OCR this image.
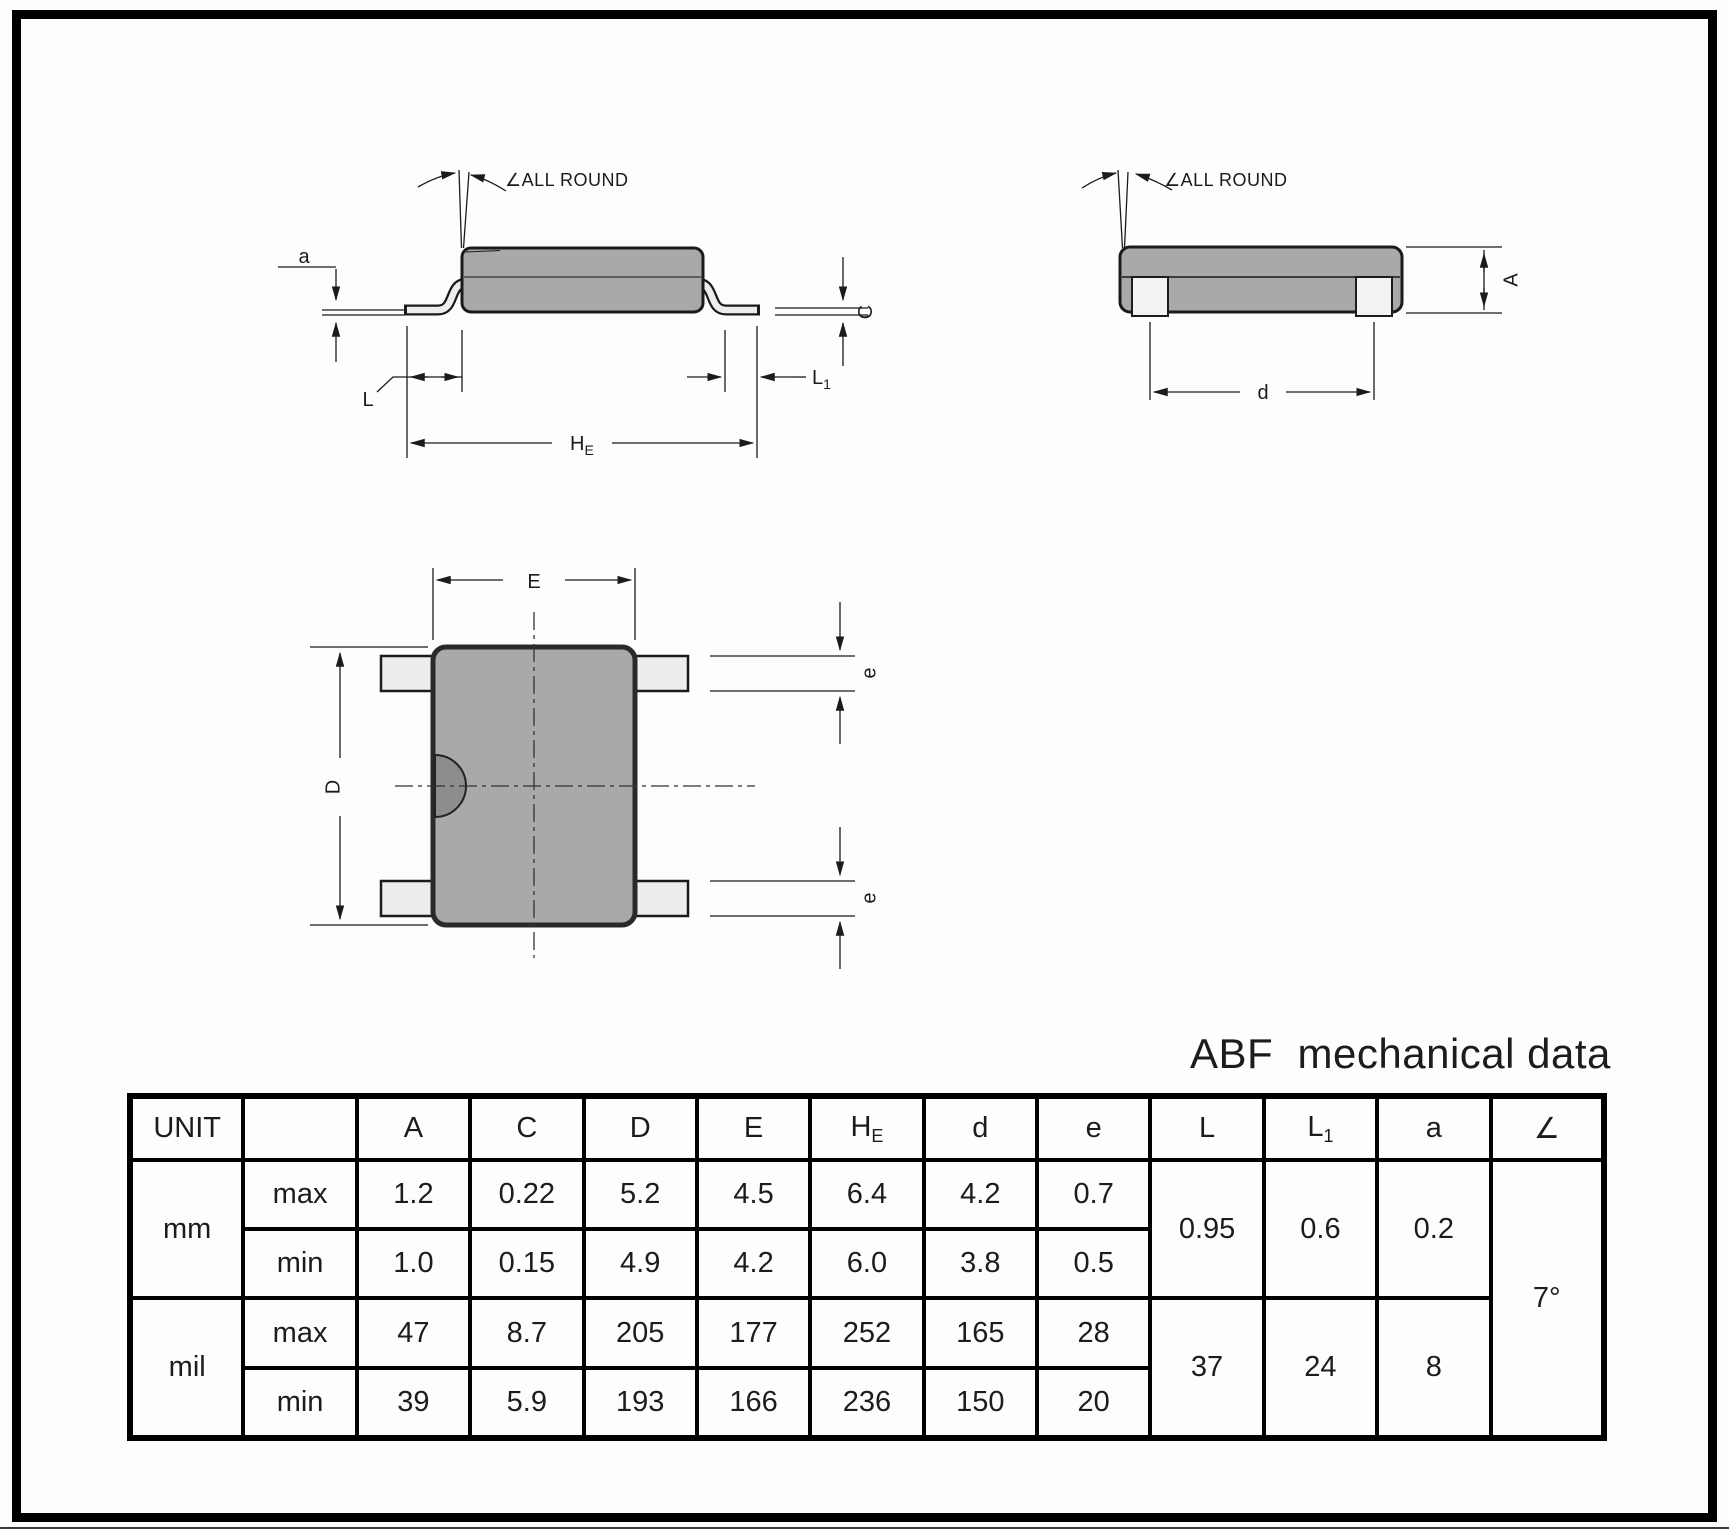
∠ALL ROUND
a
L
$L_1$
$H_E$
C
∠ALL ROUND
A
d
E
D
e
e
ABF  mechanical data
UNIT		A	C	D	E	$H_E$	d	e	L	$L_1$	a	∠
mm	max	1.2	0.22	5.2	4.5	6.4	4.2	0.7	0.95	0.6	0.2	7°
	min	1.0	0.15	4.9	4.2	6.0	3.8	0.5				
mil	max	47	8.7	205	177	252	165	28	37	24	8	
	min	39	5.9	193	166	236	150	20				
